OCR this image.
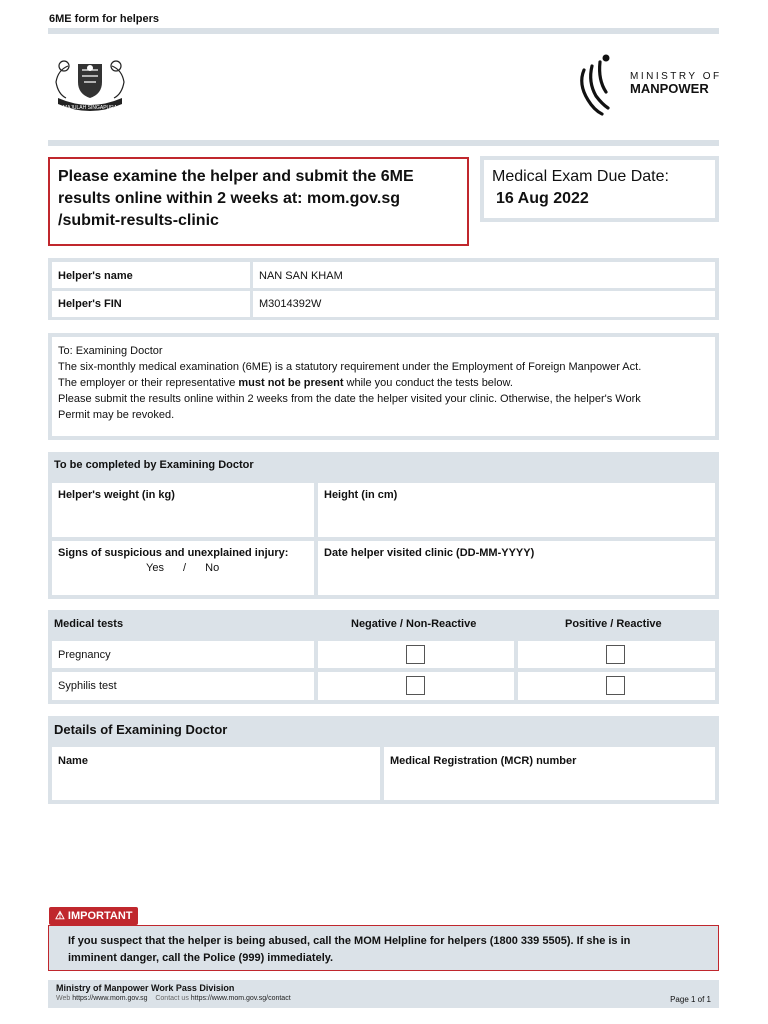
6ME form for helpers
MAJULAH SINGAPURA
MINISTRY OF
MANPOWER
Please examine the helper and submit the 6ME
results online within 2 weeks at: mom.gov.sg
/submit-results-clinic
Medical Exam Due Date:
16 Aug 2022
Helper's name	NAN SAN KHAM
Helper's FIN	M3014392W
To: Examining Doctor
The six-monthly medical examination (6ME) is a statutory requirement under the Employment of Foreign Manpower Act.
The employer or their representative must not be present while you conduct the tests below.
Please submit the results online within 2 weeks from the date the helper visited your clinic. Otherwise, the helper's Work
Permit may be revoked.
To be completed by Examining Doctor
Helper's weight (in kg)	Height (in cm)
Signs of suspicious and unexplained injury:
Yes / No
Date helper visited clinic (DD-MM-YYYY)
Medical tests	Negative / Non-Reactive	Positive / Reactive
Pregnancy
Syphilis test
Details of Examining Doctor
Name	Medical Registration (MCR) number
⚠ IMPORTANT
If you suspect that the helper is being abused, call the MOM Helpline for helpers (1800 339 5505). If she is in
imminent danger, call the Police (999) immediately.
Ministry of Manpower Work Pass Division
Web https://www.mom.gov.sg Contact us https://www.mom.gov.sg/contact	Page 1 of 1
